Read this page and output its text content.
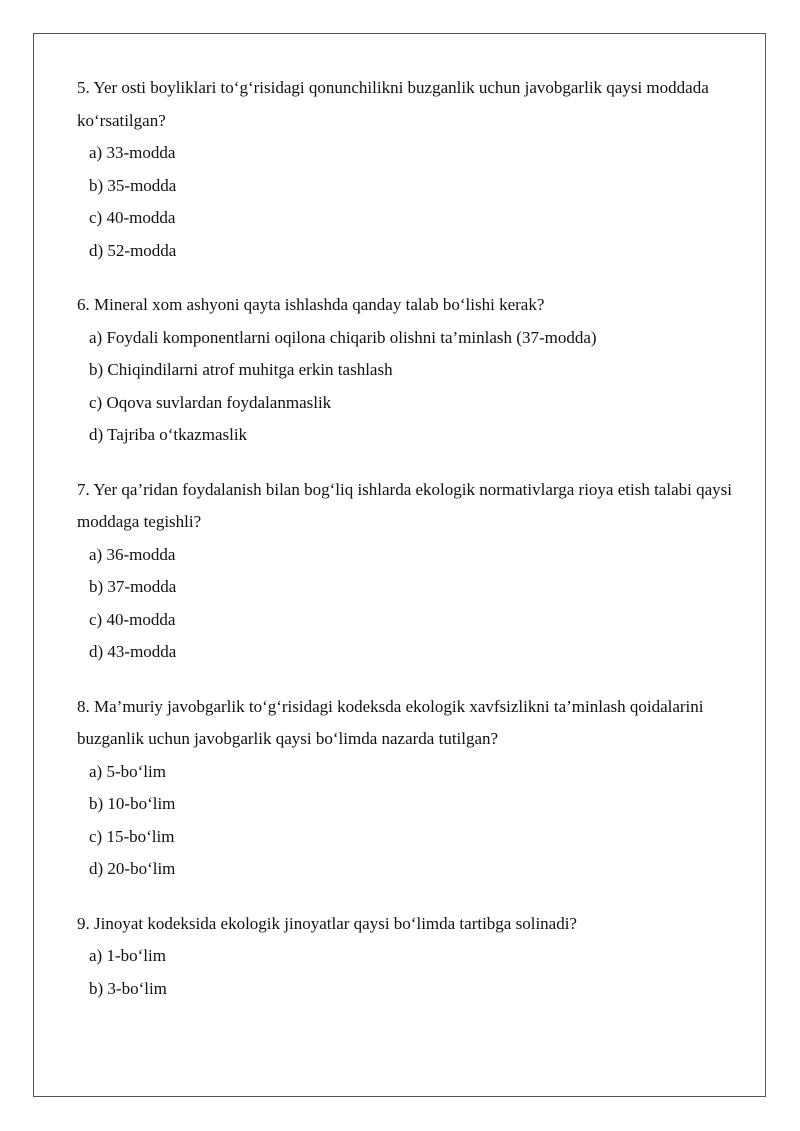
5. Yer osti boyliklari to‘g‘risidagi qonunchilikni buzganlik uchun javobgarlik qaysi moddada ko‘rsatilgan?

a) 33-modda
b) 35-modda
c) 40-modda
d) 52-modda

6. Mineral xom ashyoni qayta ishlashda qanday talab bo‘lishi kerak?

a) Foydali komponentlarni oqilona chiqarib olishni ta’minlash (37-modda)
b) Chiqindilarni atrof muhitga erkin tashlash
c) Oqova suvlardan foydalanmaslik
d) Tajriba o‘tkazmaslik

7. Yer qa’ridan foydalanish bilan bog‘liq ishlarda ekologik normativlarga rioya etish talabi qaysi moddaga tegishli?

a) 36-modda
b) 37-modda
c) 40-modda
d) 43-modda

8. Ma’muriy javobgarlik to‘g‘risidagi kodeksda ekologik xavfsizlikni ta’minlash qoidalarini buzganlik uchun javobgarlik qaysi bo‘limda nazarda tutilgan?

a) 5-bo‘lim
b) 10-bo‘lim
c) 15-bo‘lim
d) 20-bo‘lim

9. Jinoyat kodeksida ekologik jinoyatlar qaysi bo‘limda tartibga solinadi?

a) 1-bo‘lim
b) 3-bo‘lim
